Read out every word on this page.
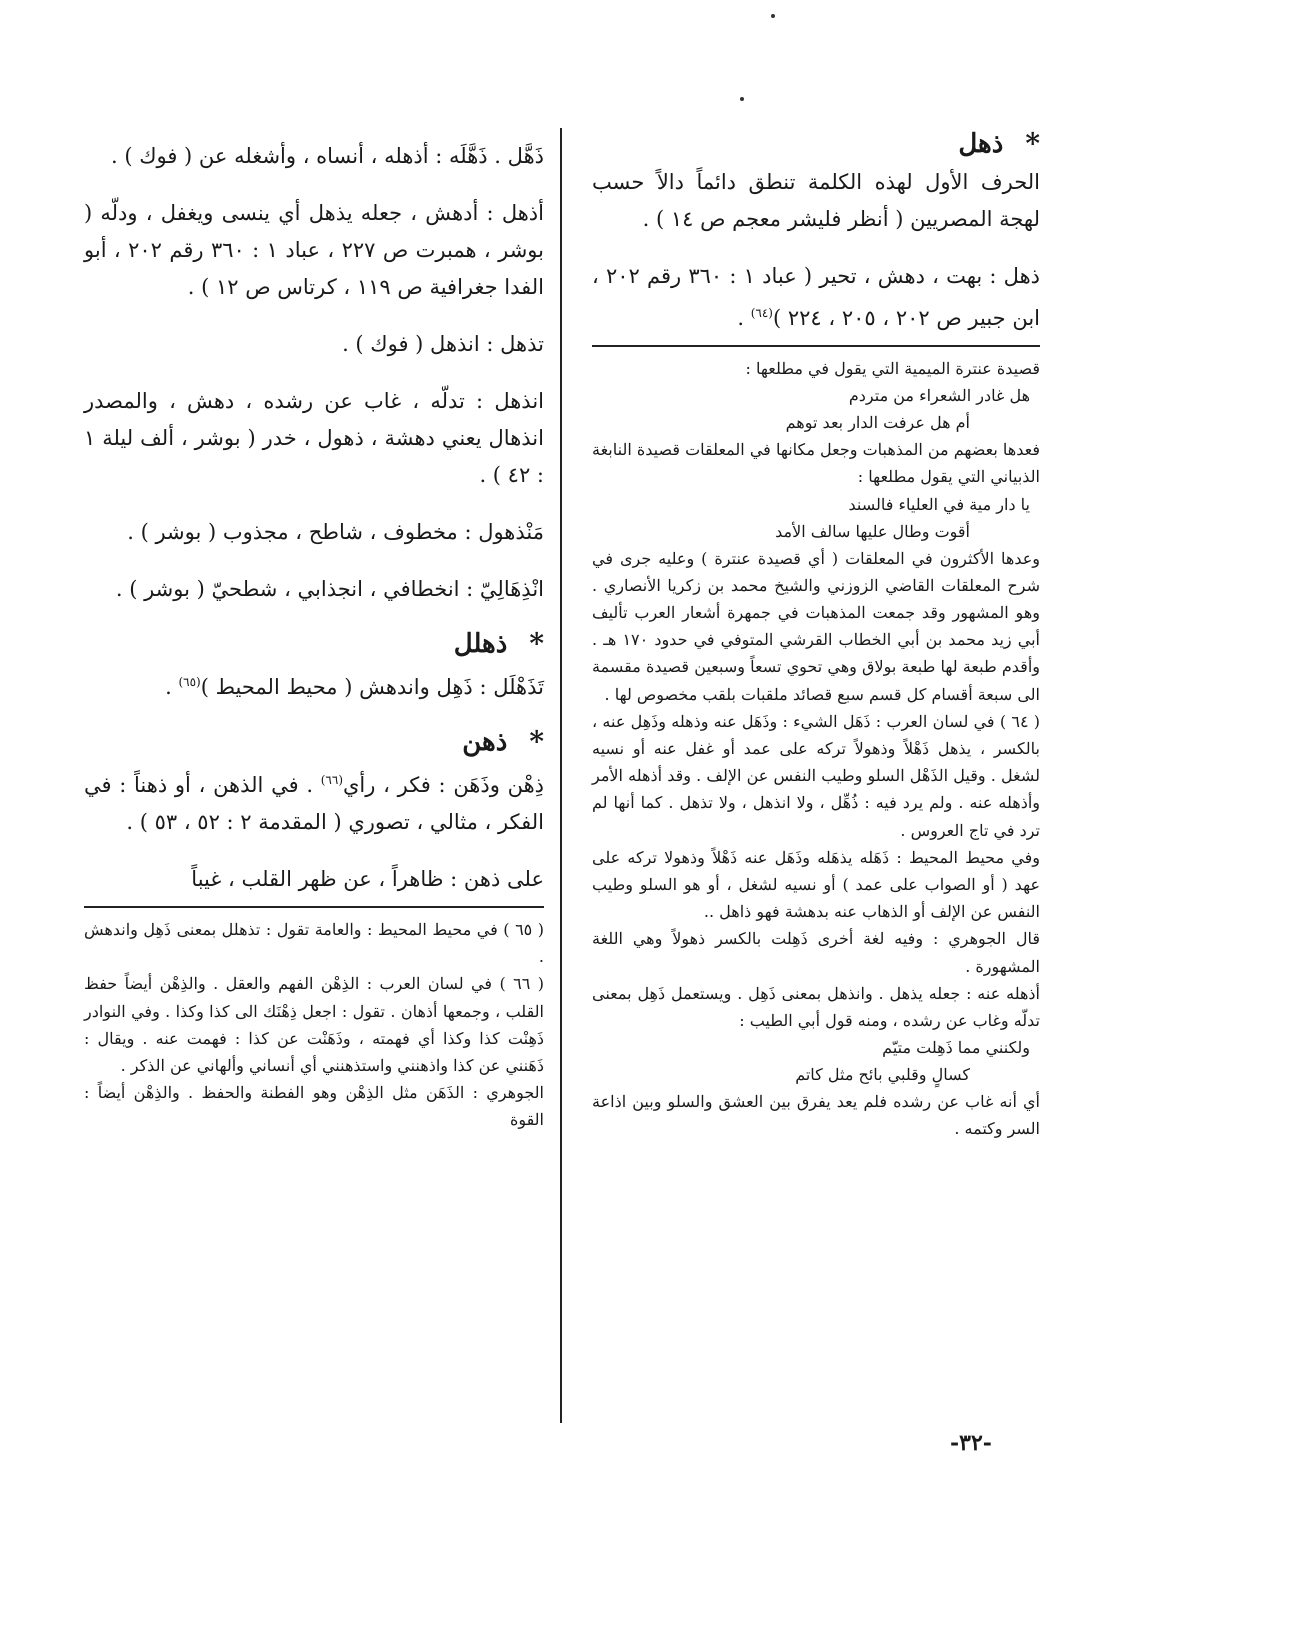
*
ذهل

الحرف الأول لهذه الكلمة تنطق دائماً دالاً حسب لهجة المصريين ( أنظر فليشر معجم ص ١٤ ) .

ذهل : بهت ، دهش ، تحير ( عباد ١ : ٣٦٠ رقم ٢٠٢ ، ابن جبير ص ٢٠٢ ، ٢٠٥ ، ٢٢٤ )$^{(٦٤)}$ .

قصيدة عنترة الميمية التي يقول في مطلعها :

هل غادر الشعراء من متردم
أم هل عرفت الدار بعد توهم

فعدها بعضهم من المذهبات وجعل مكانها في المعلقات قصيدة النابغة الذبياني التي يقول مطلعها :

يا دار مية في العلياء فالسند
أقوت وطال عليها سالف الأمد

وعدها الأكثرون في المعلقات ( أي قصيدة عنترة ) وعليه جرى في شرح المعلقات القاضي الزوزني والشيخ محمد بن زكريا الأنصاري . وهو المشهور وقد جمعت المذهبات في جمهرة أشعار العرب تأليف أبي زيد محمد بن أبي الخطاب القرشي المتوفي في حدود ١٧٠ هـ . وأقدم طبعة لها طبعة بولاق وهي تحوي تسعاً وسبعين قصيدة مقسمة الى سبعة أقسام كل قسم سبع قصائد ملقبات بلقب مخصوص لها .

( ٦٤ ) في لسان العرب : ذَهَل الشيء : وذَهَل عنه وذهله وذَهِل عنه ، بالكسر ، يذهل ذَهْلاً وذهولاً تركه على عمد أو غفل عنه أو نسيه لشغل . وقيل الذَهْل السلو وطيب النفس عن الإلف . وقد أذهله الأمر وأذهله عنه . ولم يرد فيه : ذُهِّل ، ولا انذهل ، ولا تذهل . كما أنها لم ترد في تاج العروس .

وفي محيط المحيط : ذَهَله يذهَله وذَهَل عنه ذَهْلاً وذهولا تركه على عهد ( أو الصواب على عمد ) أو نسيه لشغل ، أو هو السلو وطيب النفس عن الإلف أو الذهاب عنه بدهشة فهو ذاهل ..

قال الجوهري : وفيه لغة أخرى ذَهِلت بالكسر ذهولاً وهي اللغة المشهورة .

أذهله عنه : جعله يذهل . وانذهل بمعنى ذَهِل . ويستعمل ذَهِل بمعنى تدلّه وغاب عن رشده ، ومنه قول أبي الطيب :

ولكنني مما ذَهِلت متيّم
كسالٍ وقلبي بائح مثل كاتم

أي أنه غاب عن رشده فلم يعد يفرق بين العشق والسلو وبين اذاعة السر وكتمه .

ذَهَّل . ذَهَّلَه : أذهله ، أنساه ، وأشغله عن ( فوك ) .

أذهل : أدهش ، جعله يذهل أي ينسى ويغفل ، ودلّه ( بوشر ، همبرت ص ٢٢٧ ، عباد ١ : ٣٦٠ رقم ٢٠٢ ، أبو الفدا جغرافية ص ١١٩ ، كرتاس ص ١٢ ) .

تذهل : انذهل ( فوك ) .

انذهل : تدلّه ، غاب عن رشده ، دهش ، والمصدر انذهال يعني دهشة ، ذهول ، خدر ( بوشر ، ألف ليلة ١ : ٤٢ ) .

مَنْذهول : مخطوف ، شاطح ، مجذوب ( بوشر ) .

انْذِهَالِيّ : انخطافي ، انجذابي ، شطحيّ ( بوشر ) .

*
ذهلل

تَذَهْلَل : ذَهِل واندهش ( محيط المحيط )$^{(٦٥)}$ .

*
ذهن

ذِهْن وذَهَن : فكر ، رأي$^{(٦٦)}$ . في الذهن ، أو ذهناً : في الفكر ، مثالي ، تصوري ( المقدمة ٢ : ٥٢ ، ٥٣ ) .

على ذهن : ظاهراً ، عن ظهر القلب ، غيباً

( ٦٥ ) في محيط المحيط : والعامة تقول : تذهلل بمعنى ذَهِل واندهش .

( ٦٦ ) في لسان العرب : الذِهْن الفهم والعقل . والذِهْن أيضاً حفظ القلب ، وجمعها أذهان . تقول : اجعل ذِهْنَك الى كذا وكذا . وفي النوادر ذَهِنْت كذا وكذا أي فهمته ، وذَهَنْت عن كذا : فهمت عنه . ويقال : ذَهَنني عن كذا واذهنني واستذهنني أي أنساني وألهاني عن الذكر .

الجوهري : الذَهَن مثل الذِهْن وهو الفطنة والحفظ . والذِهْن أيضاً : القوة

-٣٢-
